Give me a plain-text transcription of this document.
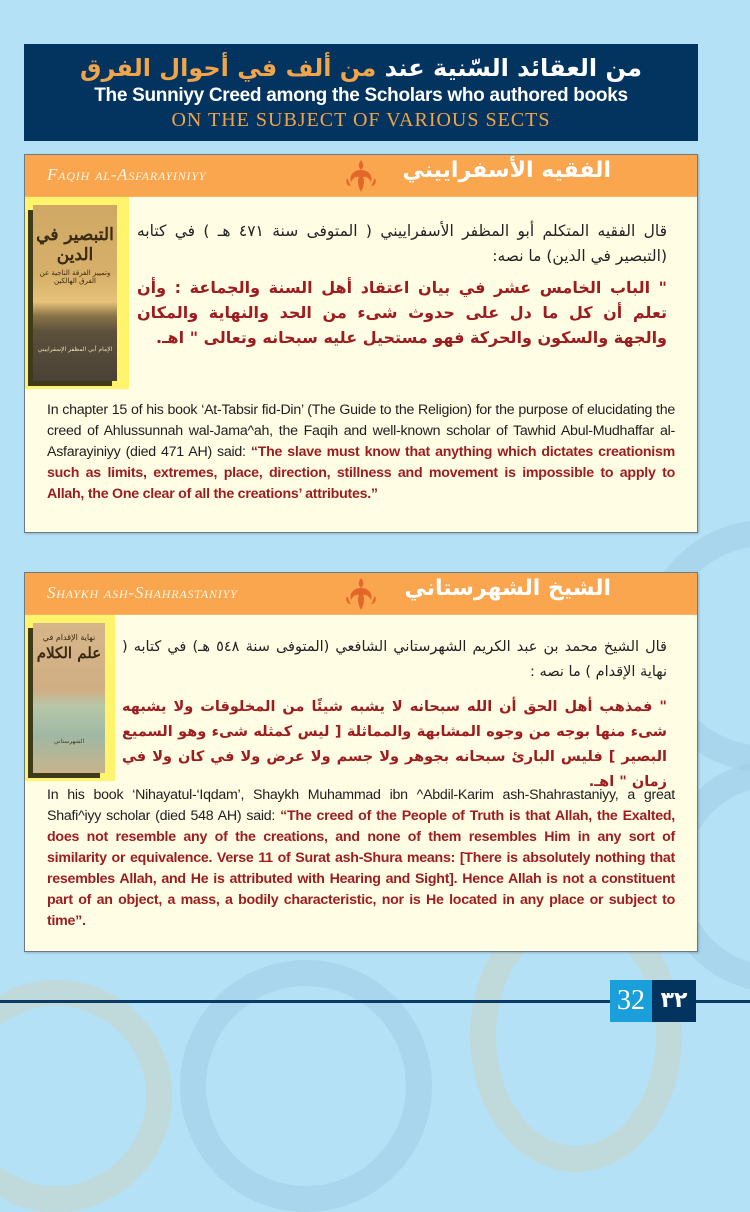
من العقائد السّنية عند من ألف في أحوال الفرق
The Sunniyy Creed among the Scholars who authored books
ON THE SUBJECT OF VARIOUS SECTS
Faqih al-Asfarayiniyy	الفقيه الأسفراييني
التبصير في الدين
وتمييز الفرقة الناجية عن الفرق الهالكين
الإمام أبي المظفر الإسفراييني
قال الفقيه المتكلم أبو المظفر الأسفراييني ( المتوفى سنة ٤٧١ هـ ) في كتابه (التبصير في الدين) ما نصه:
" الباب الخامس عشر في بيان اعتقاد أهل السنة والجماعة : وأن تعلم أن كل ما دل على حدوث شىء من الحد والنهاية والمكان والجهة والسكون والحركة فهو مستحيل عليه سبحانه وتعالى " اهـ.
In chapter 15 of his book ‘At-Tabsir fid-Din’ (The Guide to the Religion) for the purpose of elucidating the creed of Ahlussunnah wal-Jama^ah, the Faqih and well-known scholar of Tawhid Abul-Mudhaffar al-Asfarayiniyy (died 471 AH) said: “The slave must know that anything which dictates creationism such as limits, extremes, place, direction, stillness and movement is impossible to apply to Allah, the One clear of all the creations’ attributes.”
Shaykh ash-Shahrastaniyy	الشيخ الشهرستاني
نهاية الإقدام في
علم الكلام
الشهرستاني
قال الشيخ محمد بن عبد الكريم الشهرستاني الشافعي (المتوفى سنة ٥٤٨ هـ) في كتابه ( نهاية الإقدام ) ما نصه :
" فمذهب أهل الحق أن الله سبحانه لا يشبه شيئًا من المخلوقات ولا يشبهه شىء منها بوجه من وجوه المشابهة والمماثلة [ ليس كمثله شىء وهو السميع البصير ] فليس البارئ سبحانه بجوهر ولا جسم ولا عرض ولا في كان ولا في زمان " اهـ.
In his book ‘Nihayatul-‘Iqdam’, Shaykh Muhammad ibn ^Abdil-Karim ash-Shahrastaniyy, a great Shafi^iyy scholar (died 548 AH) said: “The creed of the People of Truth is that Allah, the Exalted, does not resemble any of the creations, and none of them resembles Him in any sort of similarity or equivalence. Verse 11 of Surat ash-Shura means: [There is absolutely nothing that resembles Allah, and He is attributed with Hearing and Sight]. Hence Allah is not a constituent part of an object, a mass, a bodily characteristic, nor is He located in any place or subject to time”.
32 ٣٢
